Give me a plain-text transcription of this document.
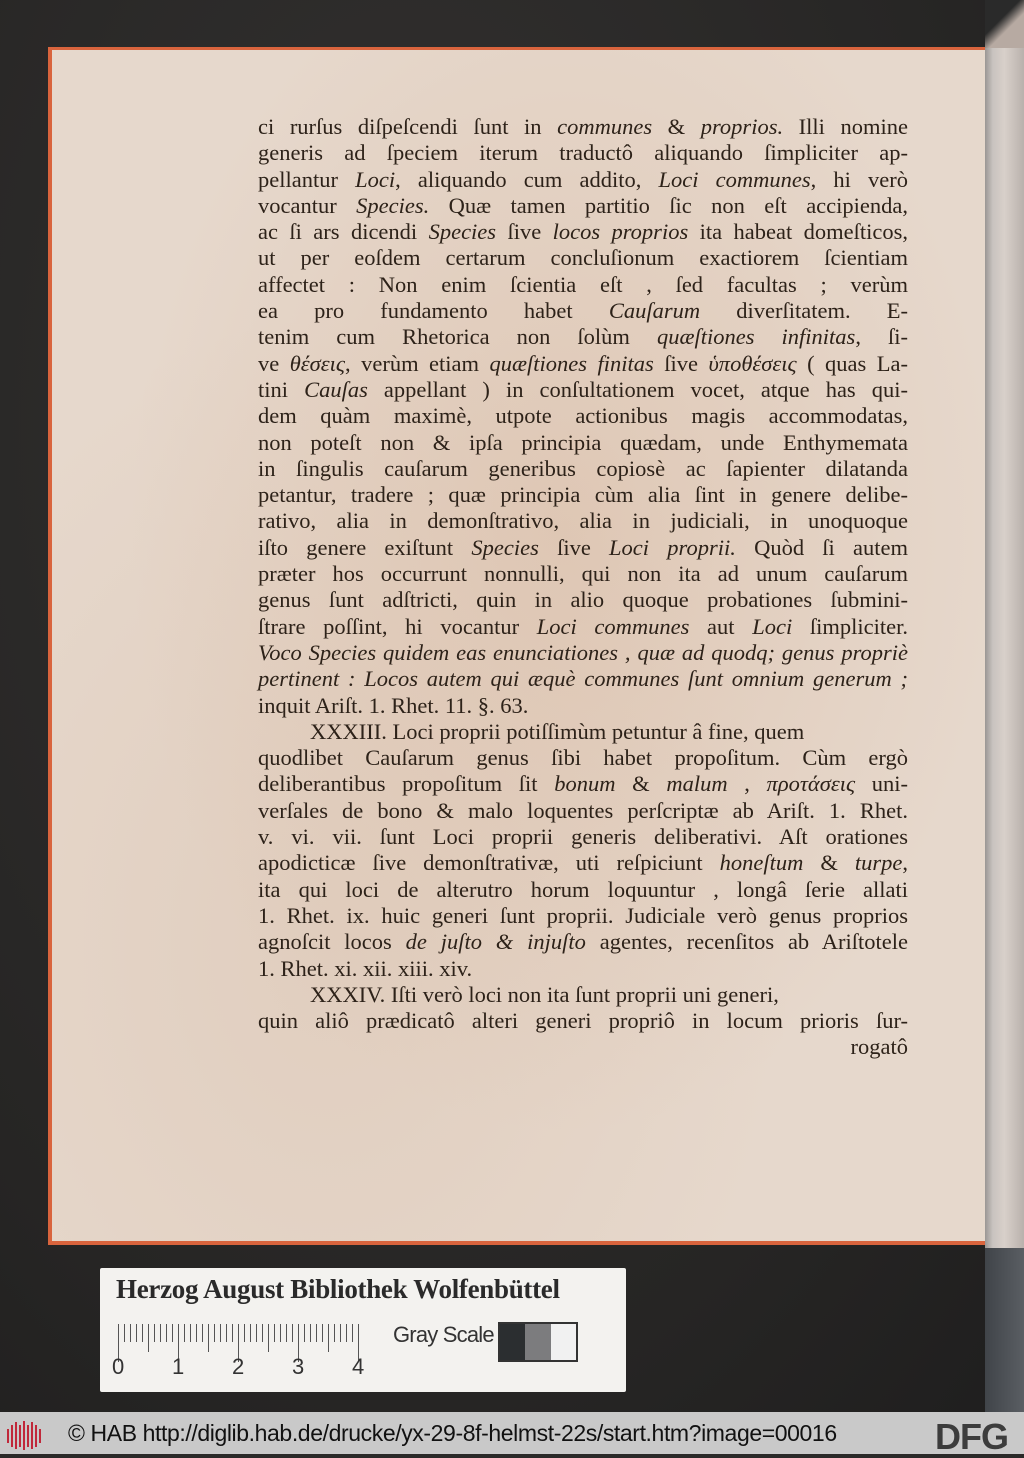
ci rurſus diſpeſcendi ſunt in communes & proprios. Illi nomine
generis ad ſpeciem iterum traductô aliquando ſimpliciter ap-
pellantur Loci, aliquando cum addito, Loci communes, hi verò
vocantur Species. Quæ tamen partitio ſic non eſt accipienda,
ac ſi ars dicendi Species ſive locos proprios ita habeat domeſticos,
ut per eoſdem certarum concluſionum exactiorem ſcientiam
affectet : Non enim ſcientia eſt , ſed facultas ; verùm
ea pro fundamento habet Cauſarum diverſitatem. E-
tenim cum Rhetorica non ſolùm quæſtiones infinitas, ſi-
ve θέσεις, verùm etiam quæſtiones finitas ſive ὑποθέσεις ( quas La-
tini Cauſas appellant ) in conſultationem vocet, atque has qui-
dem quàm maximè, utpote actionibus magis accommodatas,
non poteſt non & ipſa principia quædam, unde Enthymemata
in ſingulis cauſarum generibus copiosè ac ſapienter dilatanda
petantur, tradere ; quæ principia cùm alia ſint in genere delibe-
rativo, alia in demonſtrativo, alia in judiciali, in unoquoque
iſto genere exiſtunt Species ſive Loci proprii. Quòd ſi autem
præter hos occurrunt nonnulli, qui non ita ad unum cauſarum
genus ſunt adſtricti, quin in alio quoque probationes ſubmini-
ſtrare poſſint, hi vocantur Loci communes aut Loci ſimpliciter.
Voco Species quidem eas enunciationes , quæ ad quodq; genus propriè
pertinent : Locos autem qui æquè communes ſunt omnium generum ;
inquit Ariſt. 1. Rhet. 11. §. 63.
XXXIII. Loci proprii potiſſimùm petuntur â fine, quem
quodlibet Cauſarum genus ſibi habet propoſitum. Cùm ergò
deliberantibus propoſitum ſit bonum & malum , προτάσεις uni-
verſales de bono & malo loquentes perſcriptæ ab Ariſt. 1. Rhet.
v. vi. vii. ſunt Loci proprii generis deliberativi. Aſt orationes
apodicticæ ſive demonſtrativæ, uti reſpiciunt honeſtum & turpe,
ita qui loci de alterutro horum loquuntur , longâ ſerie allati
1. Rhet. ix. huic generi ſunt proprii. Judiciale verò genus proprios
agnoſcit locos de juſto & injuſto agentes, recenſitos ab Ariſtotele
1. Rhet. xi. xii. xiii. xiv.
XXXIV. Iſti verò loci non ita ſunt proprii uni generi,
quin aliô prædicatô alteri generi propriô in locum prioris ſur-
rogatô
Herzog August Bibliothek Wolfenbüttel
0 1 2 3 4
Gray Scale
© HAB http://diglib.hab.de/drucke/yx-29-8f-helmst-22s/start.htm?image=00016	DFG
